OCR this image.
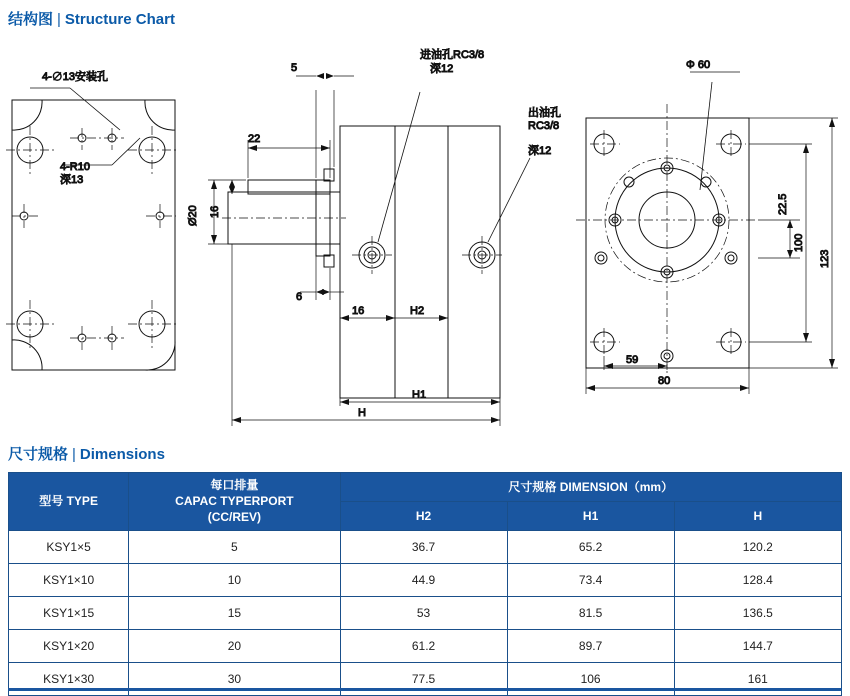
结构图 | Structure Chart
4-∅13安装孔
4-R10
深13
进油孔RC3/8
深12
出油孔
RC3/8
深12
5
22
Ø20 16
6
16	H2
H1
H
Φ 60
22.5
100
123
59
80
尺寸规格 | Dimensions
型号 TYPE	每口排量
CAPAC TYPERPORT
(CC/REV)	尺寸规格 DIMENSION（mm）		
		H2	H1	H
KSY1×5	5	36.7	65.2	120.2
KSY1×10	10	44.9	73.4	128.4
KSY1×15	15	53	81.5	136.5
KSY1×20	20	61.2	89.7	144.7
KSY1×30	30	77.5	106	161
